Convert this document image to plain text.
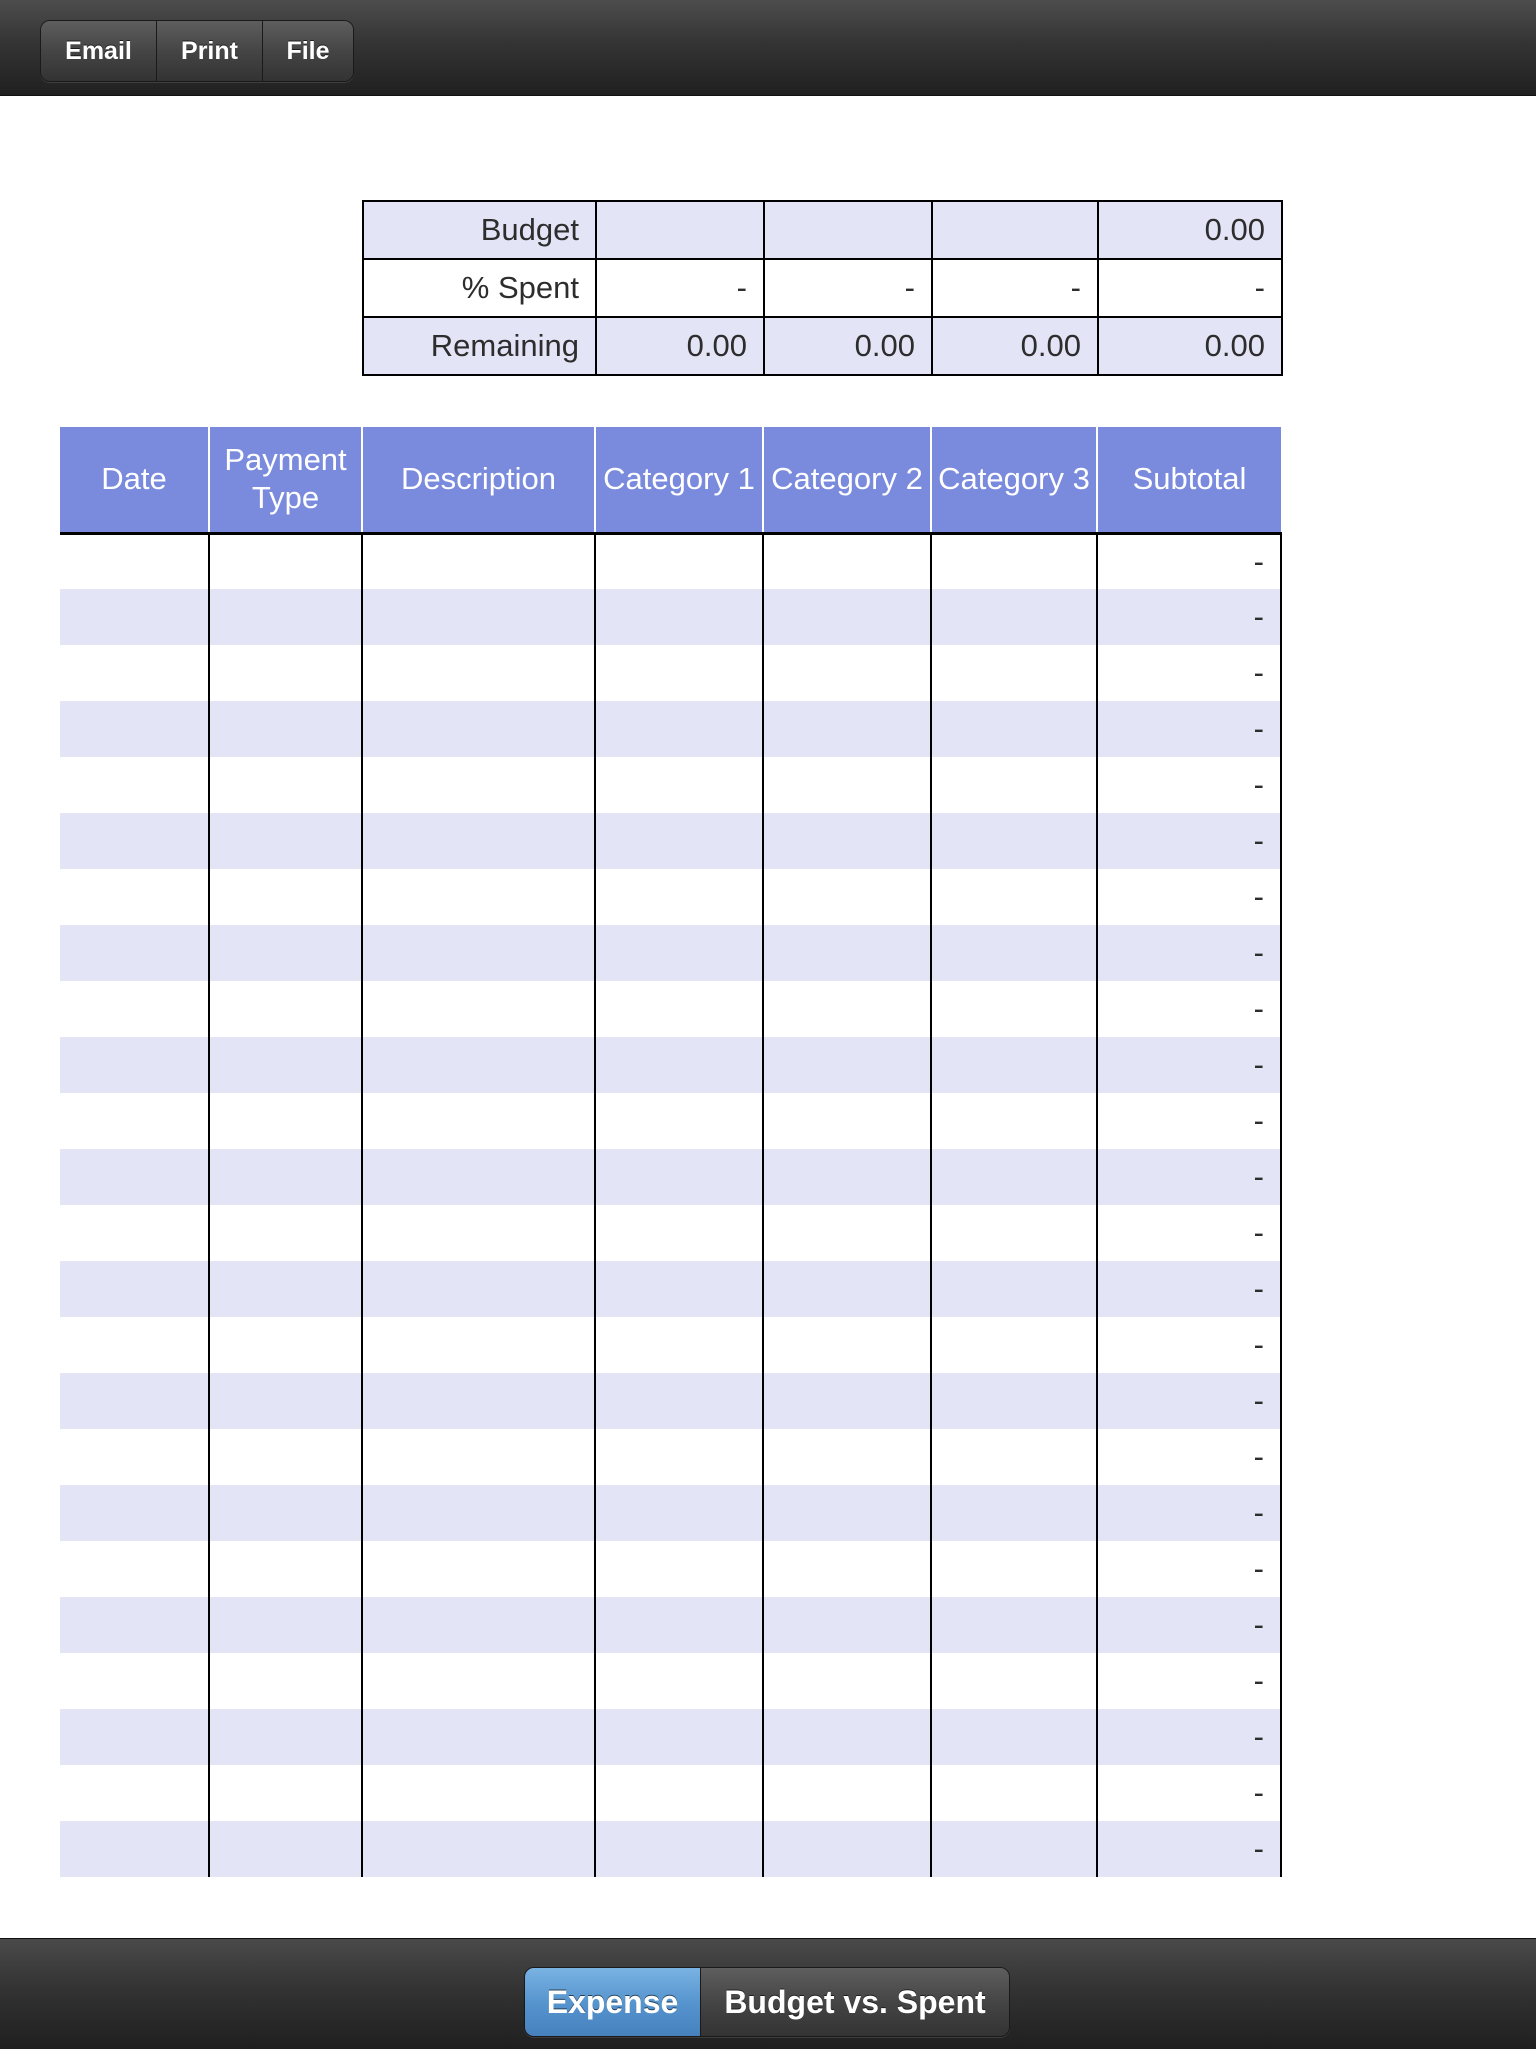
Email	Print	File
Budget				0.00
% Spent	-	-	-	-
Remaining	0.00	0.00	0.00	0.00
Date	Payment Type	Description	Category 1	Category 2	Category 3	Subtotal
						-
						-
						-
						-
						-
						-
						-
						-
						-
						-
						-
						-
						-
						-
						-
						-
						-
						-
						-
						-
						-
						-
						-
						-
Expense	Budget vs. Spent
